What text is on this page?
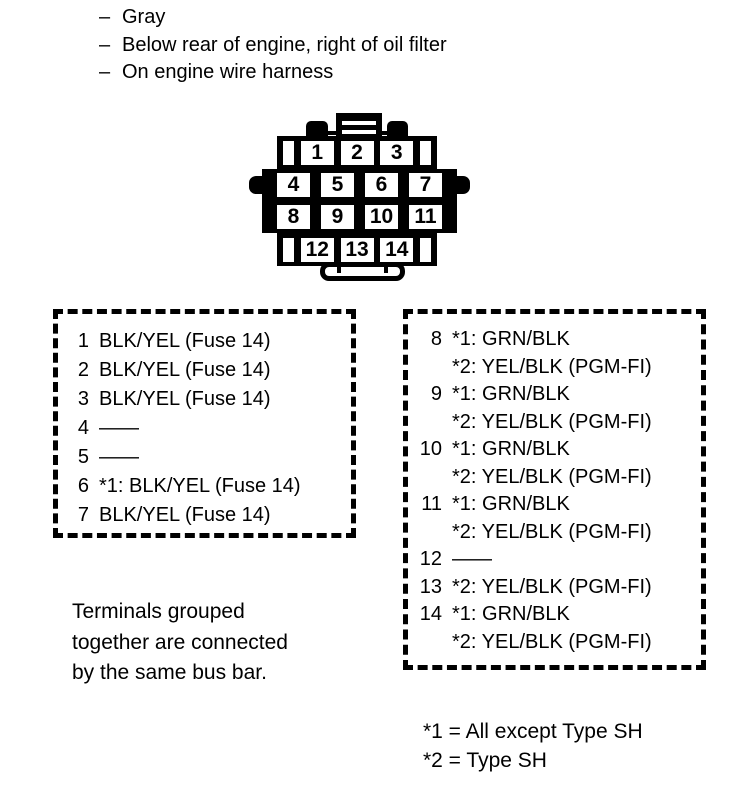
– Gray
– Below rear of engine, right of oil filter
– On engine wire harness
1	2	3
4	5	6	7
8	9	10 11
12 13 14
1 BLK/YEL (Fuse 14)
2 BLK/YEL (Fuse 14)
3 BLK/YEL (Fuse 14)
4 ——
5 ——
6 *1: BLK/YEL (Fuse 14)
7 BLK/YEL (Fuse 14)
8 *1: GRN/BLK
*2: YEL/BLK (PGM-FI)
9 *1: GRN/BLK
*2: YEL/BLK (PGM-FI)
10 *1: GRN/BLK
*2: YEL/BLK (PGM-FI)
11 *1: GRN/BLK
*2: YEL/BLK (PGM-FI)
12 ——
13 *2: YEL/BLK (PGM-FI)
14 *1: GRN/BLK
*2: YEL/BLK (PGM-FI)
Terminals grouped
together are connected
by the same bus bar.
*1 = All except Type SH
*2 = Type SH
